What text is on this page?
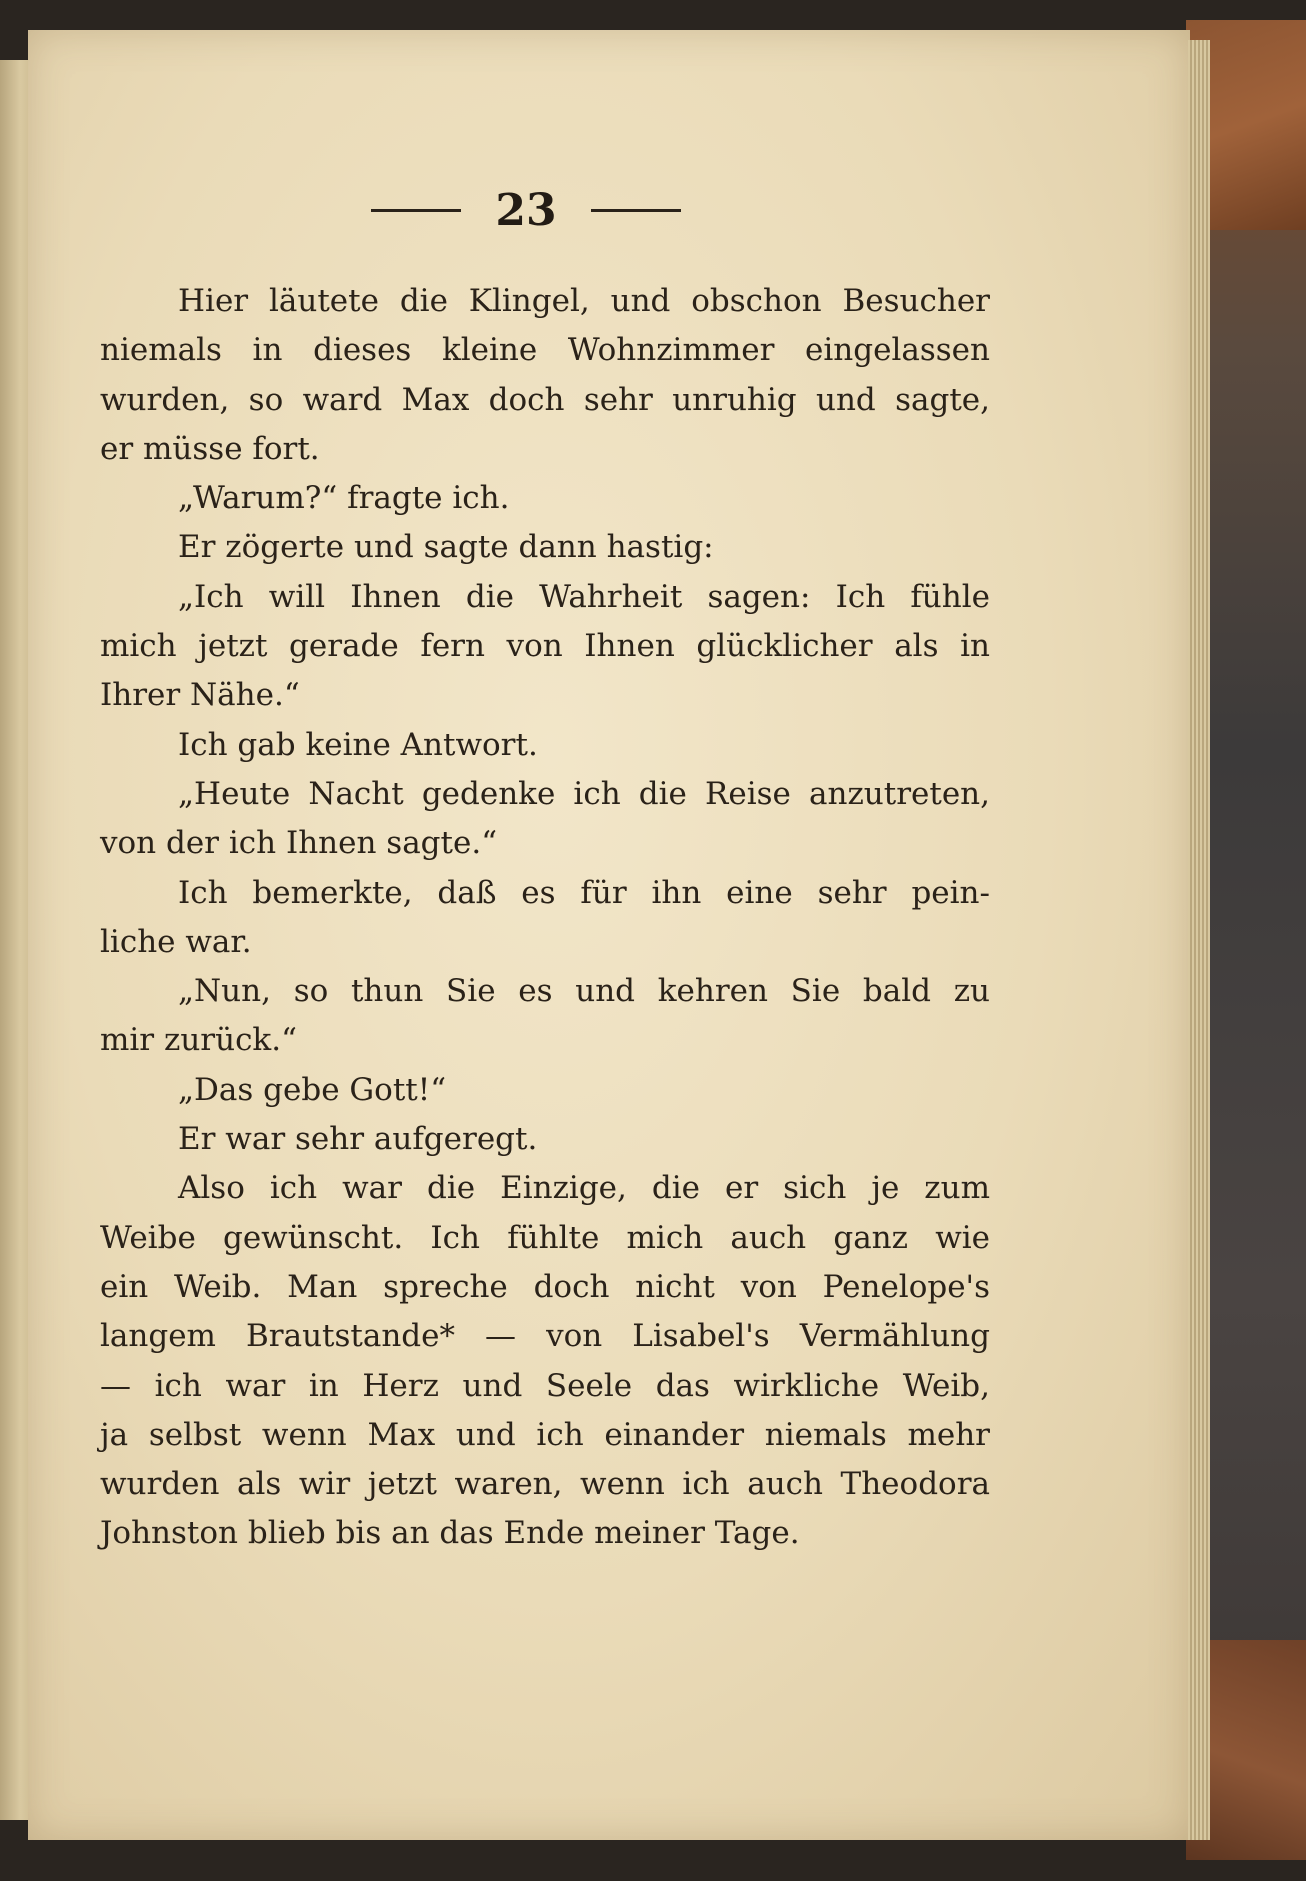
23
Hier läutete die Klingel, und obschon Besucher
niemals in dieses kleine Wohnzimmer eingelassen
wurden, so ward Max doch sehr unruhig und sagte,
er müsse fort.
„Warum?“ fragte ich.
Er zögerte und sagte dann hastig:
„Ich will Ihnen die Wahrheit sagen: Ich fühle
mich jetzt gerade fern von Ihnen glücklicher als in
Ihrer Nähe.“
Ich gab keine Antwort.
„Heute Nacht gedenke ich die Reise anzutreten,
von der ich Ihnen sagte.“
Ich bemerkte, daß es für ihn eine sehr pein-
liche war.
„Nun, so thun Sie es und kehren Sie bald zu
mir zurück.“
„Das gebe Gott!“
Er war sehr aufgeregt.
Also ich war die Einzige, die er sich je zum
Weibe gewünscht. Ich fühlte mich auch ganz wie
ein Weib. Man spreche doch nicht von Penelope's
langem Brautstande* — von Lisabel's Vermählung
— ich war in Herz und Seele das wirkliche Weib,
ja selbst wenn Max und ich einander niemals mehr
wurden als wir jetzt waren, wenn ich auch Theodora
Johnston blieb bis an das Ende meiner Tage.
